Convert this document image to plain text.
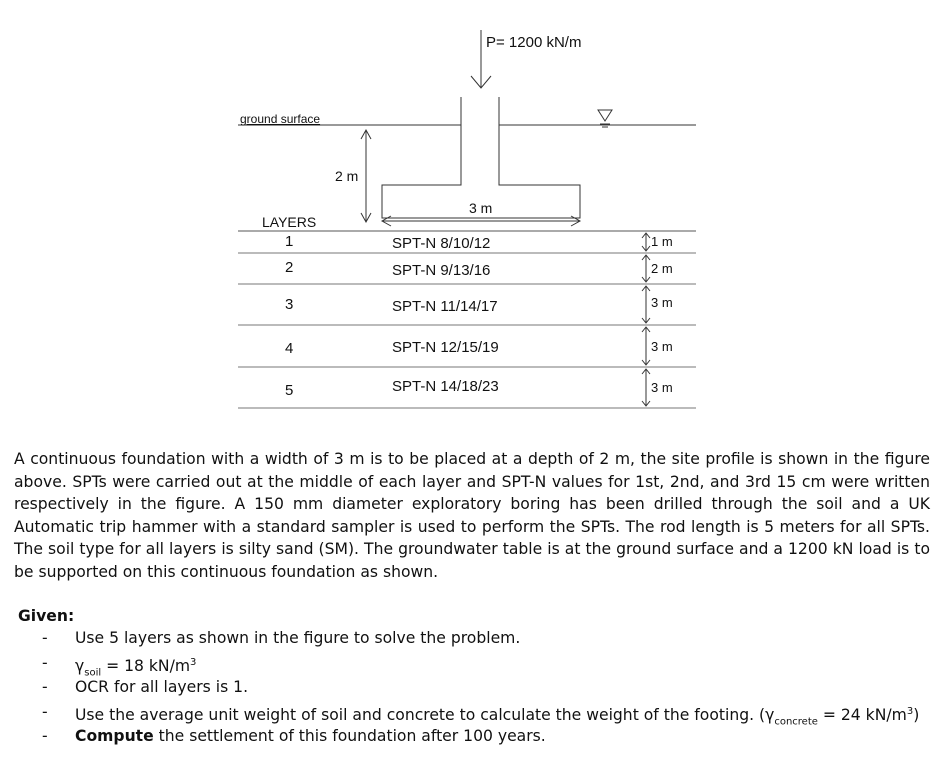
P= 1200 kN/m
ground surface
2 m
3 m
LAYERS
1
2
3
4
5
SPT-N 8/10/12
SPT-N 9/13/16
SPT-N 11/14/17
SPT-N 12/15/19
SPT-N 14/18/23
1 m
2 m
3 m
3 m
3 m

A continuous foundation with a width of 3 m is to be placed at a depth of 2 m, the site profile is shown in the figure above. SPTs were carried out at the middle of each layer and SPT-N values for 1st, 2nd, and 3rd 15 cm were written respectively in the figure. A 150 mm diameter exploratory boring has been drilled through the soil and a UK Automatic trip hammer with a standard sampler is used to perform the SPTs. The rod length is 5 meters for all SPTs. The soil type for all layers is silty sand (SM). The groundwater table is at the ground surface and a 1200 kN load is to be supported on this continuous foundation as shown.

Given:
- Use 5 layers as shown in the figure to solve the problem.
- $\gamma_{soil} = 18$ $kN/m^3$
- OCR for all layers is 1.
- Use the average unit weight of soil and concrete to calculate the weight of the footing. ($\gamma_{concrete} = 24$ $kN/m^3$)
- Compute the settlement of this foundation after 100 years.
